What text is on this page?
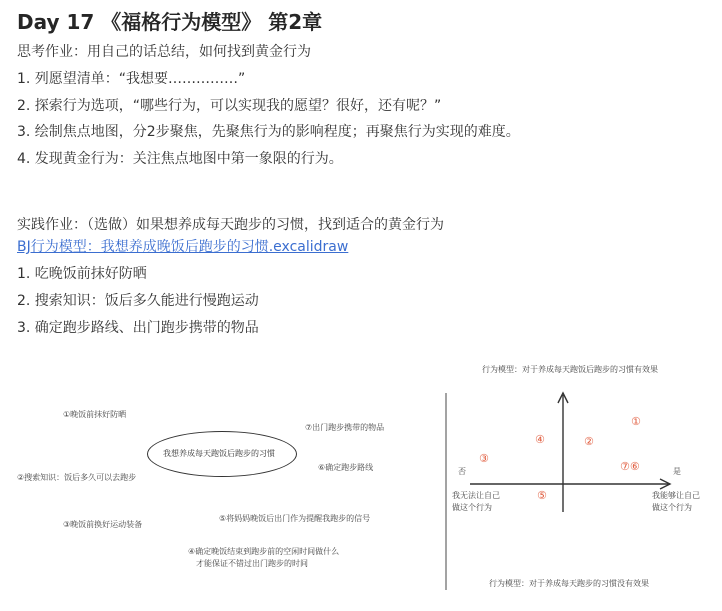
Day 17 《福格行为模型》 第2章
思考作业：用自己的话总结，如何找到黄金行为
1. 列愿望清单：“我想要……………”
2. 探索行为选项，“哪些行为，可以实现我的愿望？很好，还有呢？”
3. 绘制焦点地图，分2步聚焦，先聚焦行为的影响程度；再聚焦行为实现的难度。
4. 发现黄金行为：关注焦点地图中第一象限的行为。
实践作业：（选做）如果想养成每天跑步的习惯，找到适合的黄金行为
BJ行为模型：我想养成晚饭后跑步的习惯.excalidraw
1. 吃晚饭前抹好防晒
2. 搜索知识：饭后多久能进行慢跑运动
3. 确定跑步路线、出门跑步携带的物品
我想养成每天跑饭后跑步的习惯
①晚饭前抹好防晒
②搜索知识：饭后多久可以去跑步
③晚饭前换好运动装备
⑦出门跑步携带的物品
⑥确定跑步路线
⑤将妈妈晚饭后出门作为提醒我跑步的信号
④确定晚饭结束到跑步前的空闲时间做什么
才能保证不错过出门跑步的时间
行为模型：对于养成每天跑饭后跑步的习惯有效果
行为模型：对于养成每天跑步的习惯没有效果
否	是
我无法让自己
做这个行为
我能够让自己
做这个行为
①
④	②
③
⑦⑥
⑤
